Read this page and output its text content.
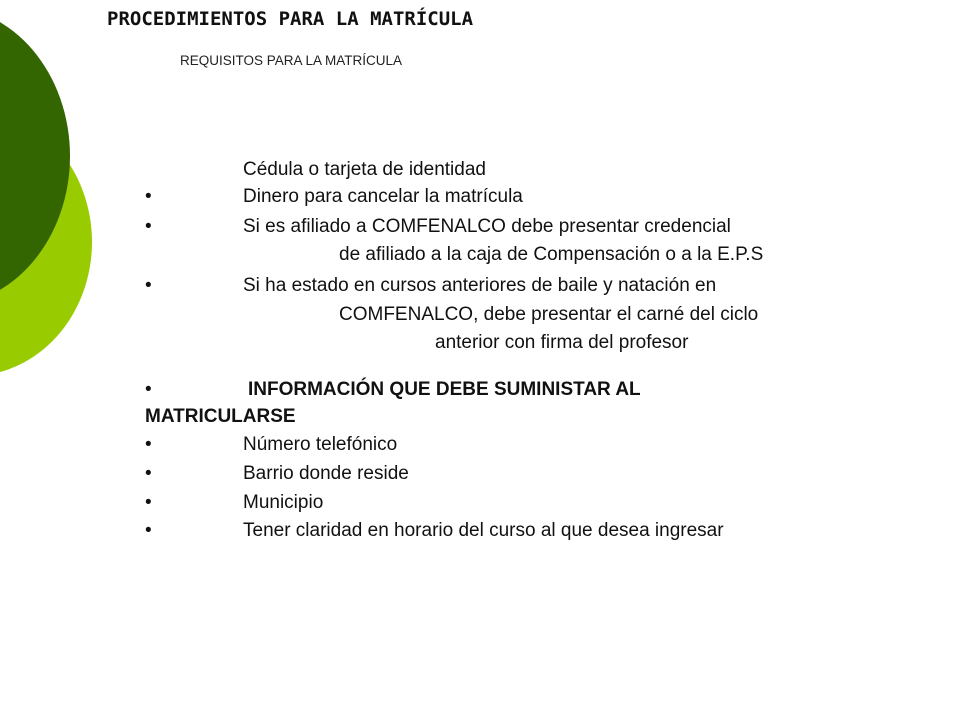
PROCEDIMIENTOS PARA LA MATRÍCULA

REQUISITOS PARA LA MATRÍCULA

Cédula o tarjeta de identidad
•	Dinero para cancelar la matrícula
•	Si es afiliado a COMFENALCO debe presentar credencial
de afiliado a la caja de Compensación o a la E.P.S
•	Si ha estado en cursos anteriores de baile y natación en
COMFENALCO, debe presentar el carné del ciclo
anterior con firma del profesor
•	INFORMACIÓN QUE DEBE SUMINISTAR AL
MATRICULARSE
•	Número telefónico
•	Barrio donde reside
•	Municipio
•	Tener claridad en horario del curso al que desea ingresar
